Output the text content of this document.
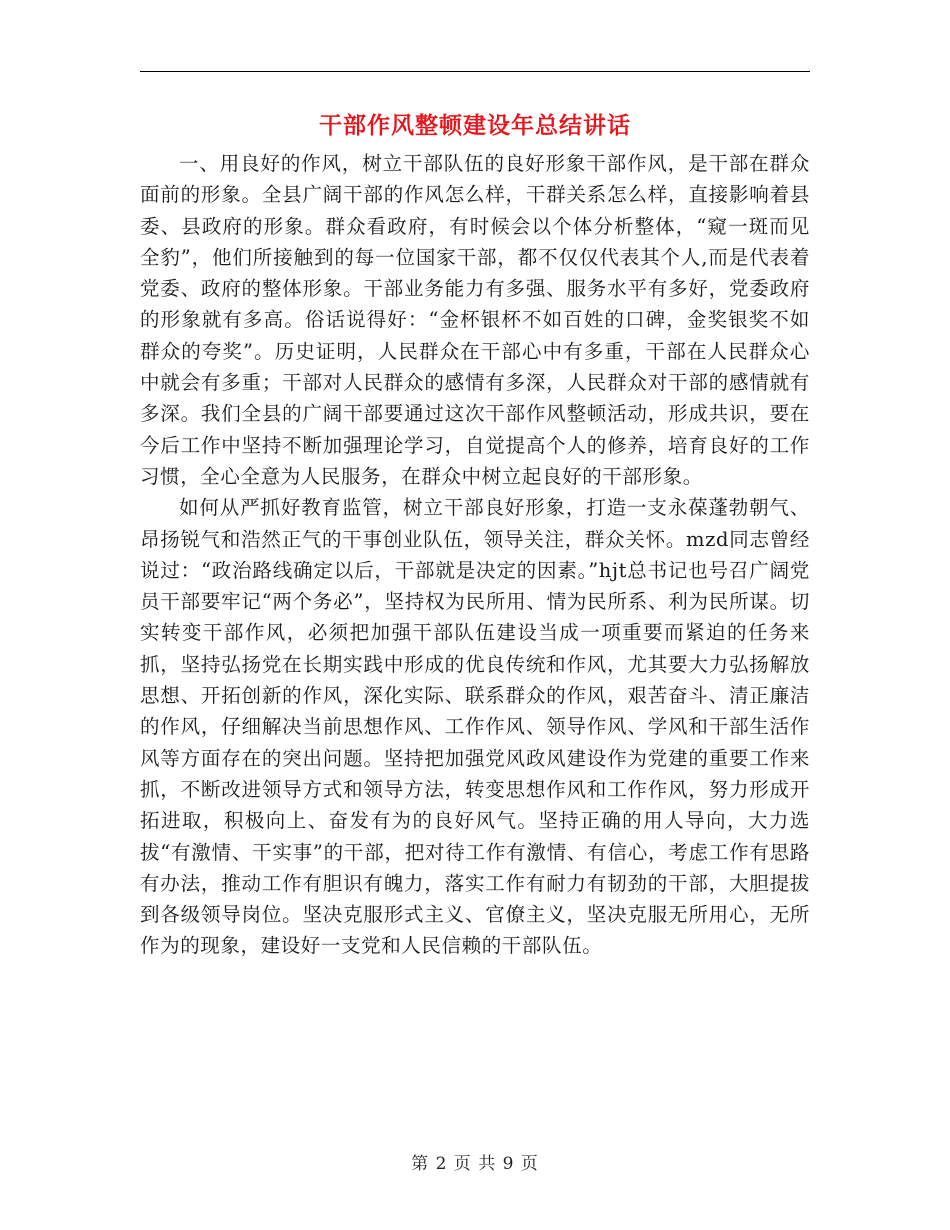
干部作风整顿建设年总结讲话

一、用良好的作风，树立干部队伍的良好形象干部作风，是干部在群众面前的形象。全县广阔干部的作风怎么样，干群关系怎么样，直接影响着县委、县政府的形象。群众看政府，有时候会以个体分析整体，“窥一斑而见全豹”，他们所接触到的每一位国家干部，都不仅仅代表其个人,而是代表着党委、政府的整体形象。干部业务能力有多强、服务水平有多好，党委政府的形象就有多高。俗话说得好：“金杯银杯不如百姓的口碑，金奖银奖不如群众的夸奖”。历史证明，人民群众在干部心中有多重，干部在人民群众心中就会有多重；干部对人民群众的感情有多深，人民群众对干部的感情就有多深。我们全县的广阔干部要通过这次干部作风整顿活动，形成共识，要在今后工作中坚持不断加强理论学习，自觉提高个人的修养，培育良好的工作习惯，全心全意为人民服务，在群众中树立起良好的干部形象。

如何从严抓好教育监管，树立干部良好形象，打造一支永葆蓬勃朝气、昂扬锐气和浩然正气的干事创业队伍，领导关注，群众关怀。mzd同志曾经说过：“政治路线确定以后，干部就是决定的因素。”hjt总书记也号召广阔党员干部要牢记“两个务必”，坚持权为民所用、情为民所系、利为民所谋。切实转变干部作风，必须把加强干部队伍建设当成一项重要而紧迫的任务来抓，坚持弘扬党在长期实践中形成的优良传统和作风，尤其要大力弘扬解放思想、开拓创新的作风，深化实际、联系群众的作风，艰苦奋斗、清正廉洁的作风，仔细解决当前思想作风、工作作风、领导作风、学风和干部生活作风等方面存在的突出问题。坚持把加强党风政风建设作为党建的重要工作来抓，不断改进领导方式和领导方法，转变思想作风和工作作风，努力形成开拓进取，积极向上、奋发有为的良好风气。坚持正确的用人导向，大力选拔“有激情、干实事”的干部，把对待工作有激情、有信心，考虑工作有思路有办法，推动工作有胆识有魄力，落实工作有耐力有韧劲的干部，大胆提拔到各级领导岗位。坚决克服形式主义、官僚主义，坚决克服无所用心，无所作为的现象，建设好一支党和人民信赖的干部队伍。

第 2 页 共 9 页
